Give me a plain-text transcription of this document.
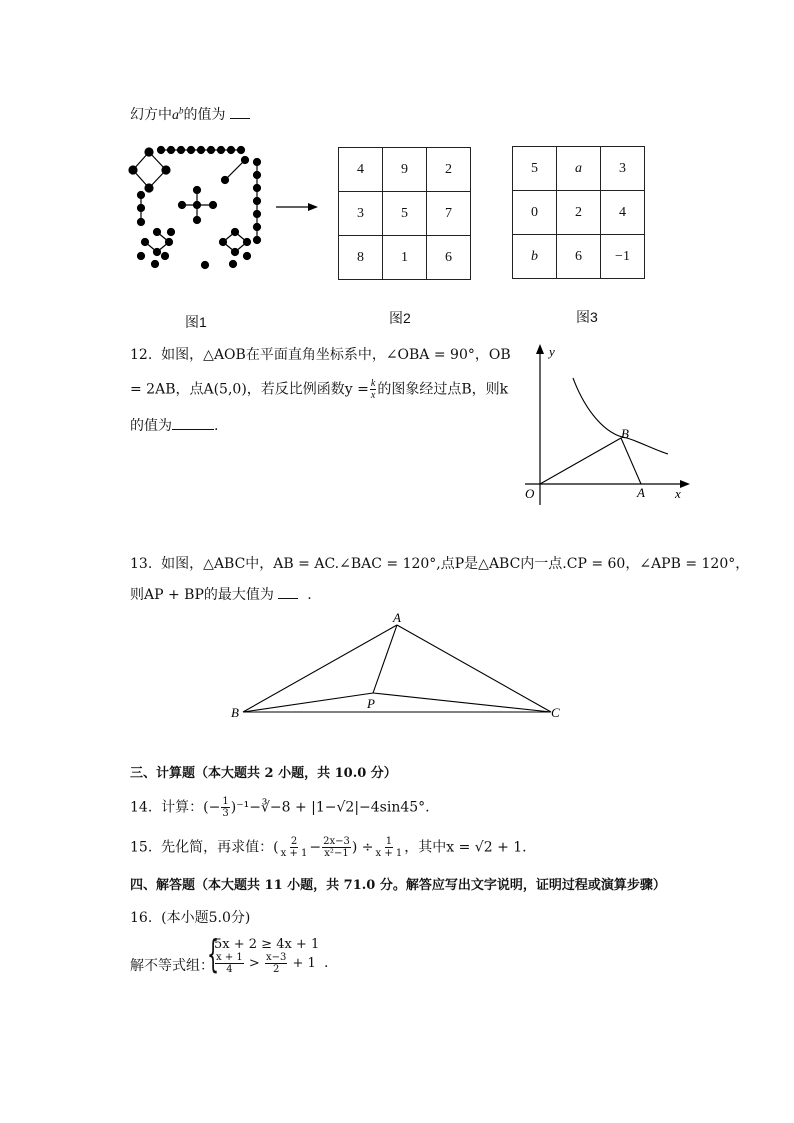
幻方中$a^b$的值为
4	9	2
3	5	7
8	1	6
5	a	3
0	2	4
b	6	−1
图1	图2	图3
12. 如图，△AOB在平面直角坐标系中，∠OBA = 90°，OB
= 2AB，点A(5,0)，若反比例函数$y = \frac{k}{x}$ 的图象经过点B，则k
的值为	.
y
x
O	A
B
13. 如图，△ABC中，AB = AC.∠BAC = 120°,点P是△ABC内一点.CP = 60，∠APB = 120°，
则AP + BP的最大值为 .
A
B	C
P
三、计算题（本大题共 2 小题，共 10.0 分）
14. 计算：(− $\frac{1}{3}$ )⁻¹−∛−8 + |1−√2|−4sin45°.
15. 先化简，再求值：( $\frac{2}{x + 1} - \frac{2x-3}{\text{x²−1}}$ ) ÷ $\frac{1}{x + 1}$ ，其中x = √2 + 1.
四、解答题（本大题共 11 小题，共 71.0 分。解答应写出文字说明，证明过程或演算步骤）
16. (本小题5.0分)
解不等式组：
{
5x + 2 ≥ 4x + 1
$\frac{x + 1}{4} > \frac{x-3}{2} + 1$ .
